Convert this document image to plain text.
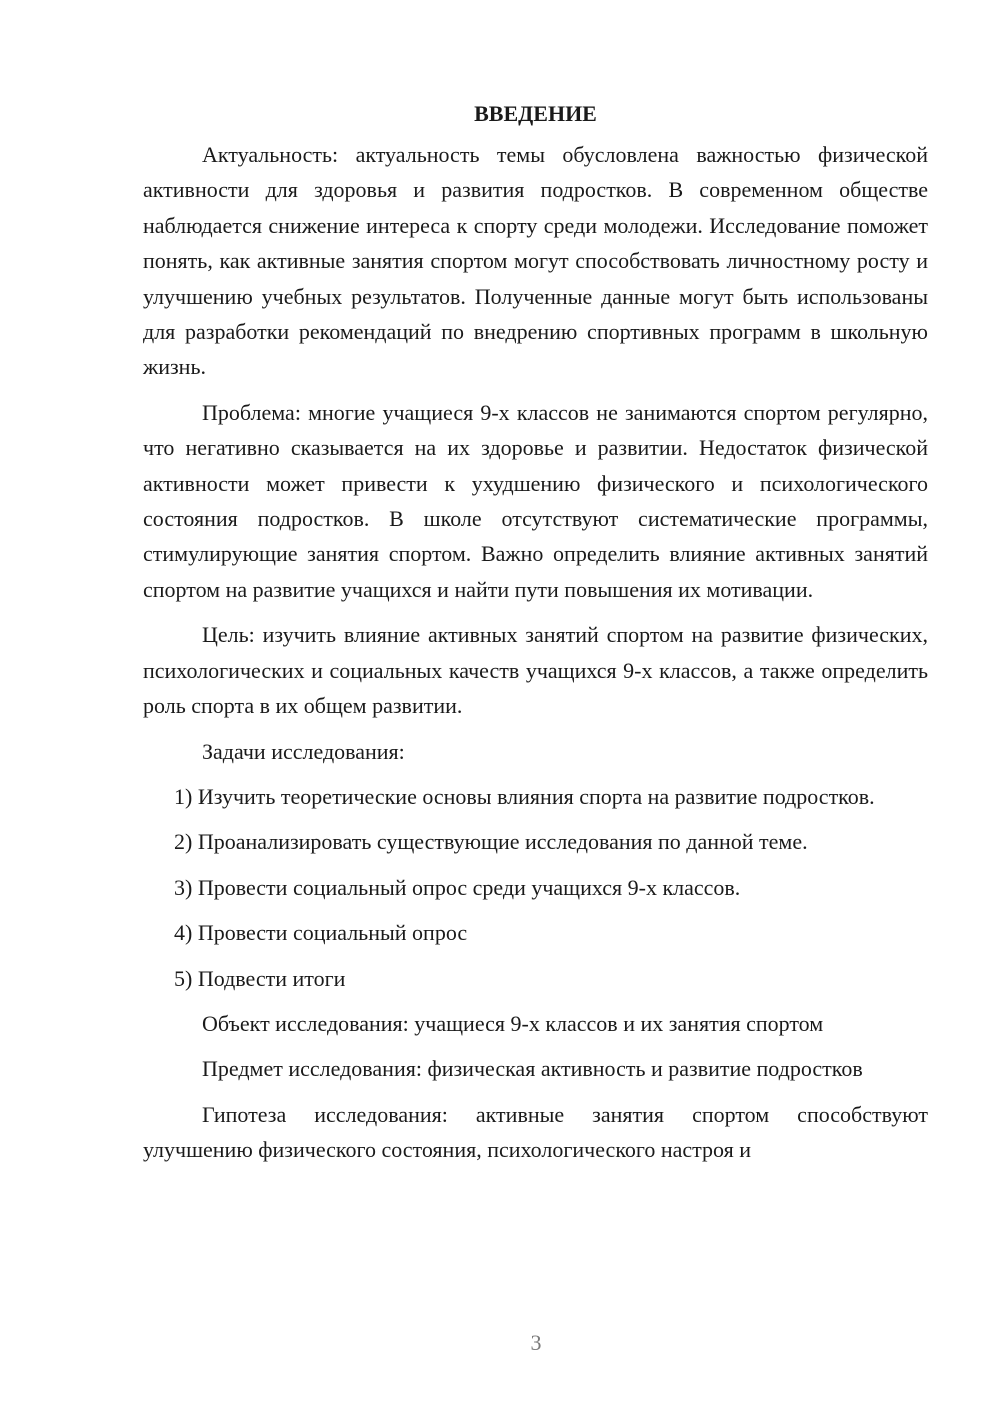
ВВЕДЕНИЕ

Актуальность: актуальность темы обусловлена важностью физической активности для здоровья и развития подростков. В современном обществе наблюдается снижение интереса к спорту среди молодежи. Исследование поможет понять, как активные занятия спортом могут способствовать личностному росту и улучшению учебных результатов. Полученные данные могут быть использованы для разработки рекомендаций по внедрению спортивных программ в школьную жизнь.

Проблема: многие учащиеся 9-х классов не занимаются спортом регулярно, что негативно сказывается на их здоровье и развитии. Недостаток физической активности может привести к ухудшению физического и психологического состояния подростков. В школе отсутствуют систематические программы, стимулирующие занятия спортом. Важно определить влияние активных занятий спортом на развитие учащихся и найти пути повышения их мотивации.

Цель: изучить влияние активных занятий спортом на развитие физических, психологических и социальных качеств учащихся 9-х классов, а также определить роль спорта в их общем развитии.

Задачи исследования:

1) Изучить теоретические основы влияния спорта на развитие подростков.

2) Проанализировать существующие исследования по данной теме.

3) Провести социальный опрос среди учащихся 9-х классов.

4) Провести социальный опрос

5) Подвести итоги

Объект исследования: учащиеся 9-х классов и их занятия спортом

Предмет исследования: физическая активность и развитие подростков

Гипотеза исследования: активные занятия спортом способствуют улучшению физического состояния, психологического настроя и

3
